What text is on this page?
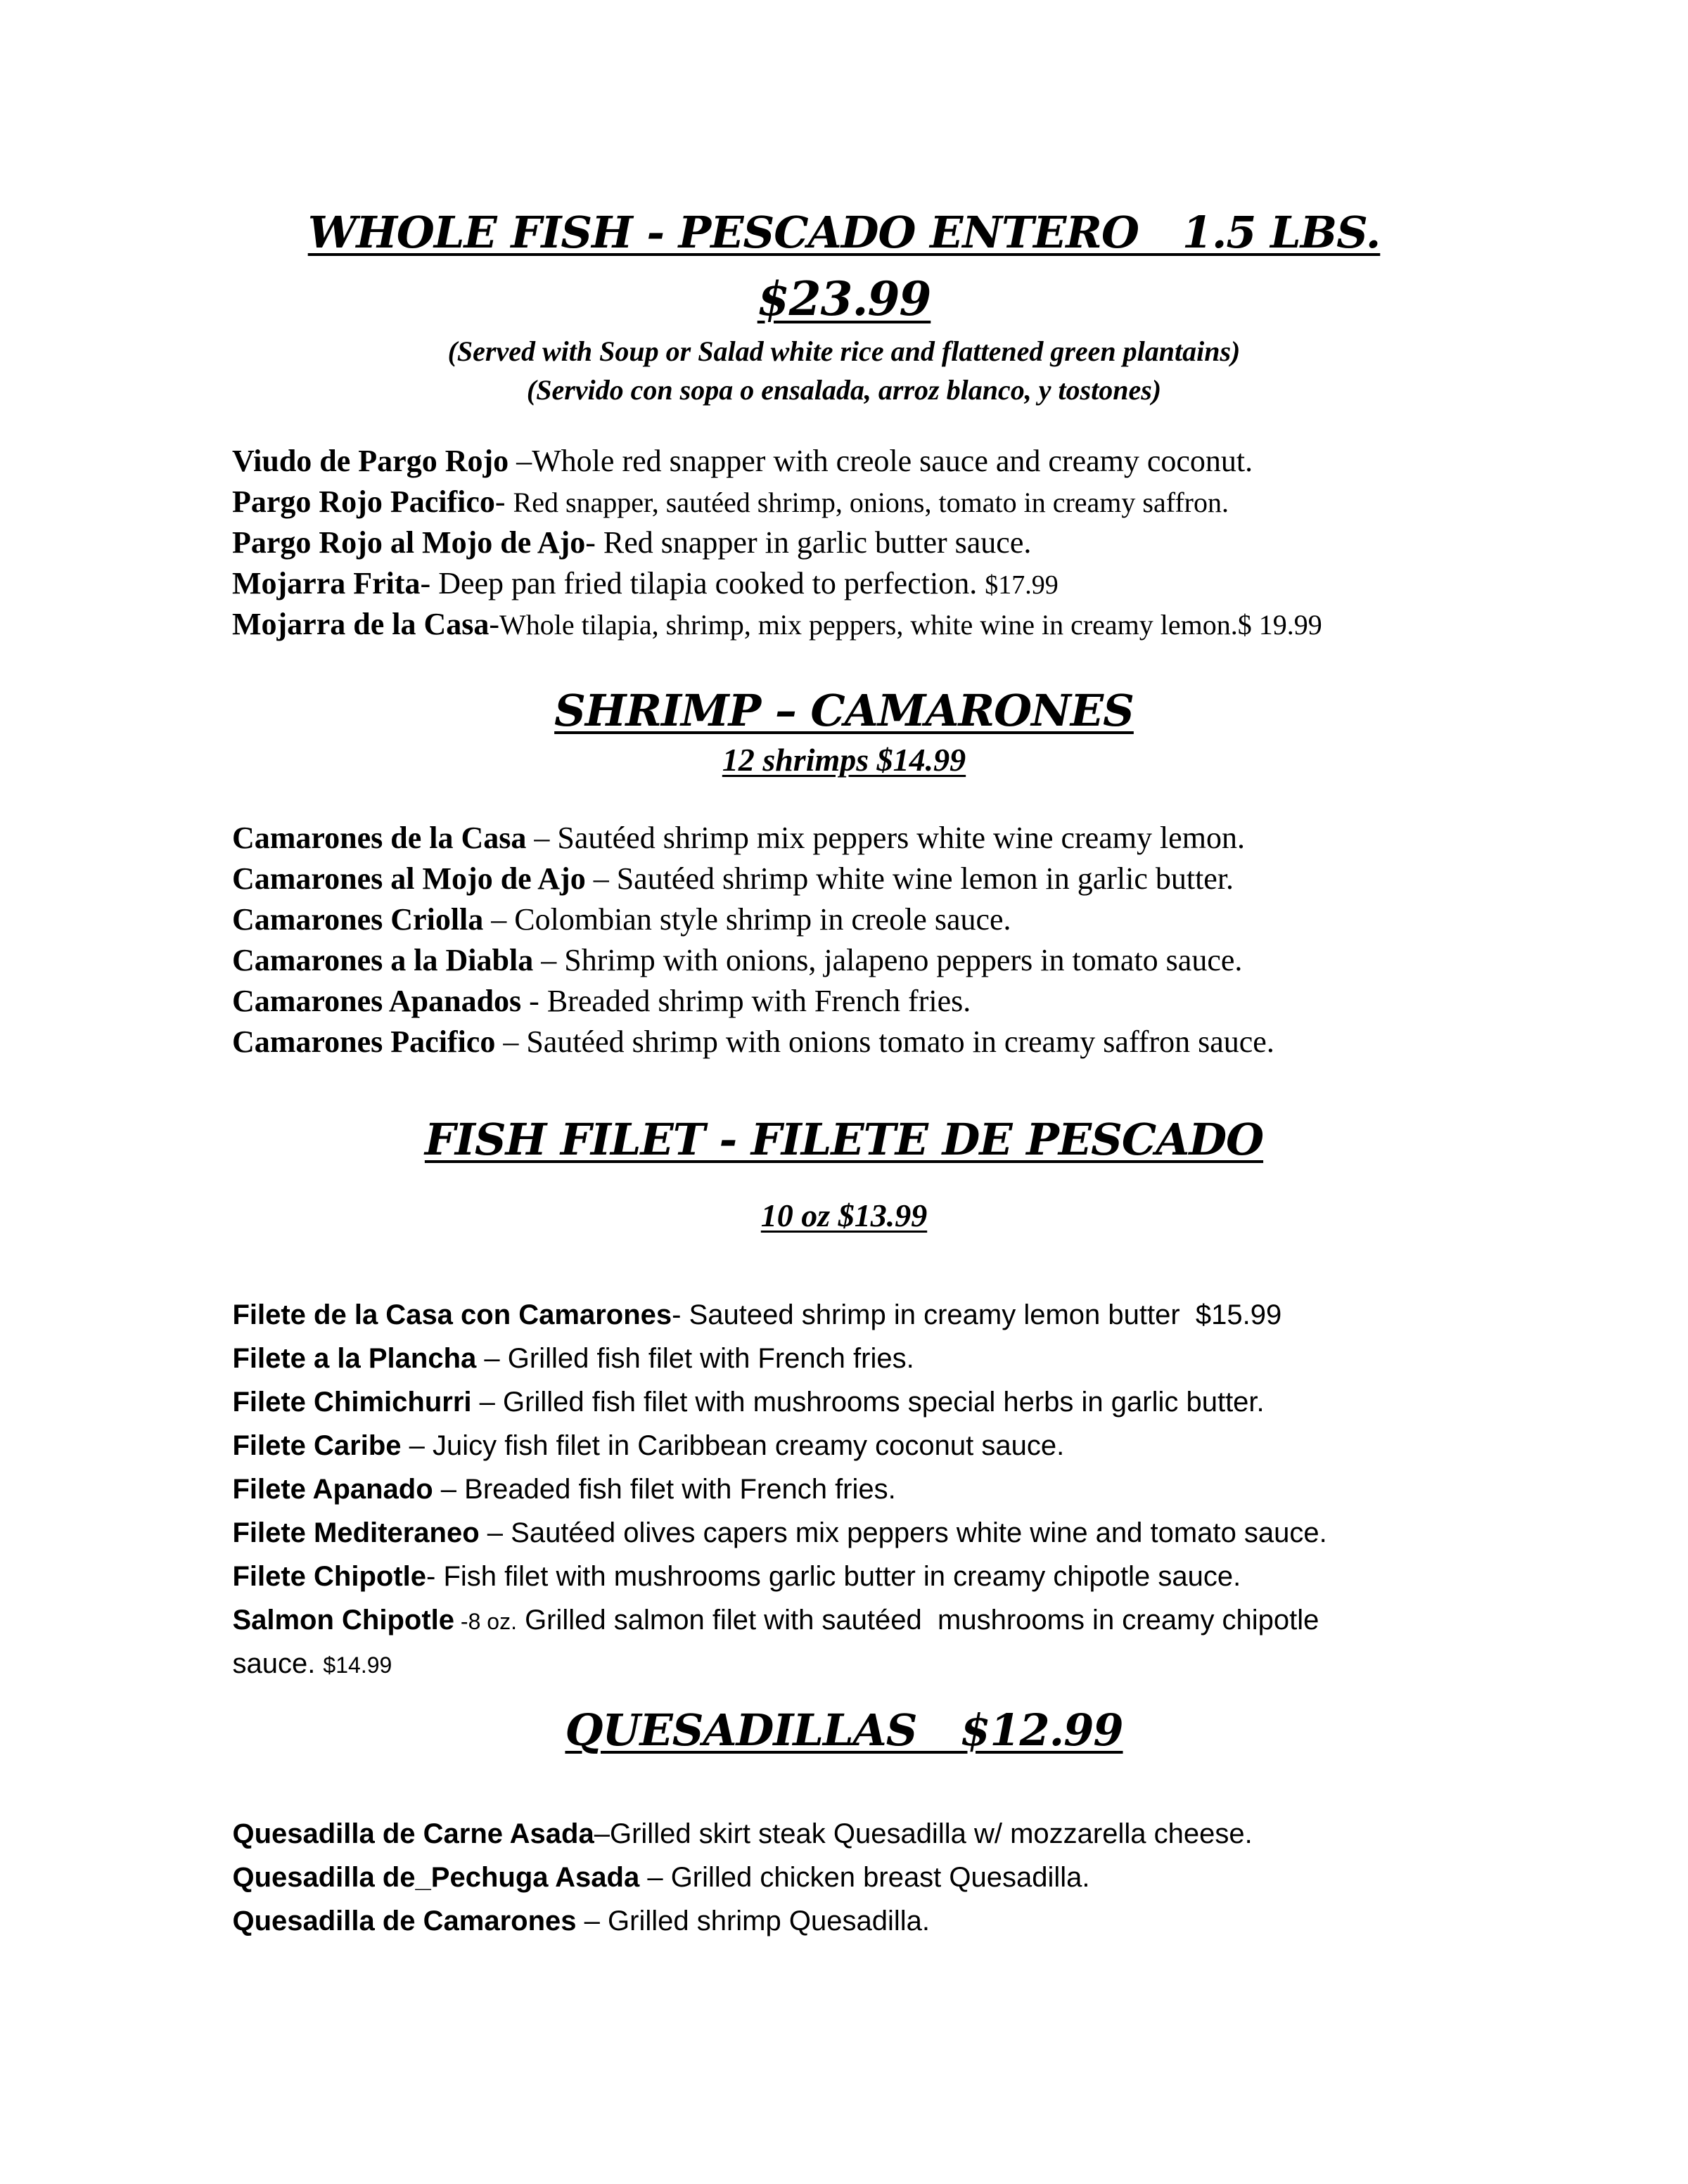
WHOLE FISH - PESCADO ENTERO   1.5 LBS.
$23.99
(Served with Soup or Salad white rice and flattened green plantains)
(Servido con sopa o ensalada, arroz blanco, y tostones)

Viudo de Pargo Rojo –Whole red snapper with creole sauce and creamy coconut.

Pargo Rojo Pacifico- Red snapper, sautéed shrimp, onions, tomato in creamy saffron.

Pargo Rojo al Mojo de Ajo- Red snapper in garlic butter sauce.

Mojarra Frita- Deep pan fried tilapia cooked to perfection. $17.99

Mojarra de la Casa-Whole tilapia, shrimp, mix peppers, white wine in creamy lemon.$ 19.99

SHRIMP – CAMARONES
12 shrimps $14.99

Camarones de la Casa – Sautéed shrimp mix peppers white wine creamy lemon.

Camarones al Mojo de Ajo – Sautéed shrimp white wine lemon in garlic butter.

Camarones Criolla – Colombian style shrimp in creole sauce.

Camarones a la Diabla – Shrimp with onions, jalapeno peppers in tomato sauce.

Camarones Apanados - Breaded shrimp with French fries.

Camarones Pacifico – Sautéed shrimp with onions tomato in creamy saffron sauce.

FISH FILET - FILETE DE PESCADO
10 oz $13.99

Filete de la Casa con Camarones- Sauteed shrimp in creamy lemon butter  $15.99

Filete a la Plancha – Grilled fish filet with French fries.

Filete Chimichurri – Grilled fish filet with mushrooms special herbs in garlic butter.

Filete Caribe – Juicy fish filet in Caribbean creamy coconut sauce.

Filete Apanado – Breaded fish filet with French fries.

Filete Mediteraneo – Sautéed olives capers mix peppers white wine and tomato sauce.

Filete Chipotle- Fish filet with mushrooms garlic butter in creamy chipotle sauce.

Salmon Chipotle -8 oz. Grilled salmon filet with sautéed  mushrooms in creamy chipotle

sauce. $14.99

QUESADILLAS   $12.99

Quesadilla de Carne Asada–Grilled skirt steak Quesadilla w/ mozzarella cheese.

Quesadilla de_Pechuga Asada – Grilled chicken breast Quesadilla.

Quesadilla de Camarones – Grilled shrimp Quesadilla.
